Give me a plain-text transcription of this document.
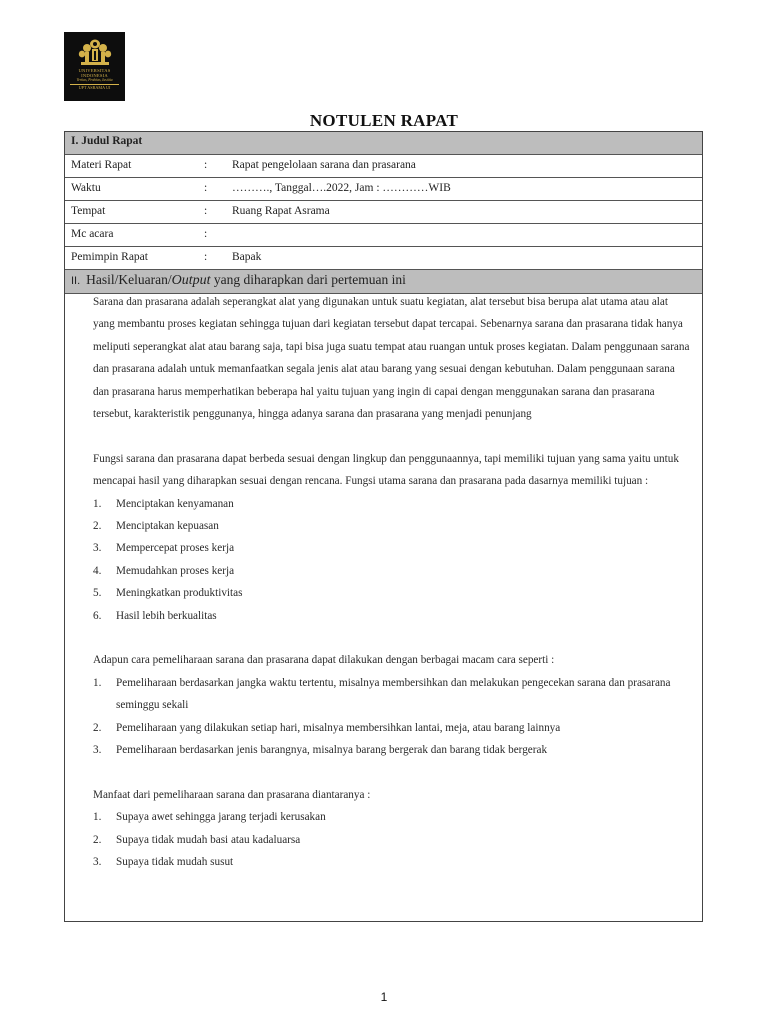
UNIVERSITAS
INDONESIA
Veritas, Probitas, Iustitia
UPT ASRAMA UI
NOTULEN RAPAT
I. Judul Rapat
Materi Rapat	: Rapat pengelolaan sarana dan prasarana
Waktu	: ………., Tanggal….2022, Jam : …………WIB
Tempat	: Ruang Rapat Asrama
Mc acara	:
Pemimpin Rapat	: Bapak
II. Hasil/Keluaran/Output yang diharapkan dari pertemuan ini

Sarana dan prasarana adalah seperangkat alat yang digunakan untuk suatu kegiatan, alat tersebut bisa berupa alat utama atau alat yang membantu proses kegiatan sehingga tujuan dari kegiatan tersebut dapat tercapai. Sebenarnya sarana dan prasarana tidak hanya meliputi seperangkat alat atau barang saja, tapi bisa juga suatu tempat atau ruangan untuk proses kegiatan. Dalam penggunaan sarana dan prasarana adalah untuk memanfaatkan segala jenis alat atau barang yang sesuai dengan kebutuhan. Dalam penggunaan sarana dan prasarana harus memperhatikan beberapa hal yaitu tujuan yang ingin di capai dengan menggunakan sarana dan prasarana tersebut, karakteristik penggunanya, hingga adanya sarana dan prasarana yang menjadi penunjang

Fungsi sarana dan prasarana dapat berbeda sesuai dengan lingkup dan penggunaannya, tapi memiliki tujuan yang sama yaitu untuk mencapai hasil yang diharapkan sesuai dengan rencana. Fungsi utama sarana dan prasarana pada dasarnya memiliki tujuan :

1. Menciptakan kenyamanan
2. Menciptakan kepuasan
3. Mempercepat proses kerja
4. Memudahkan proses kerja
5. Meningkatkan produktivitas
6. Hasil lebih berkualitas

Adapun cara pemeliharaan sarana dan prasarana dapat dilakukan dengan berbagai macam cara seperti :

1. Pemeliharaan berdasarkan jangka waktu tertentu, misalnya membersihkan dan melakukan pengecekan sarana dan prasarana seminggu sekali
2. Pemeliharaan yang dilakukan setiap hari, misalnya membersihkan lantai, meja, atau barang lainnya
3. Pemeliharaan berdasarkan jenis barangnya, misalnya barang bergerak dan barang tidak bergerak

Manfaat dari pemeliharaan sarana dan prasarana diantaranya :

1. Supaya awet sehingga jarang terjadi kerusakan
2. Supaya tidak mudah basi atau kadaluarsa
3. Supaya tidak mudah susut
1
